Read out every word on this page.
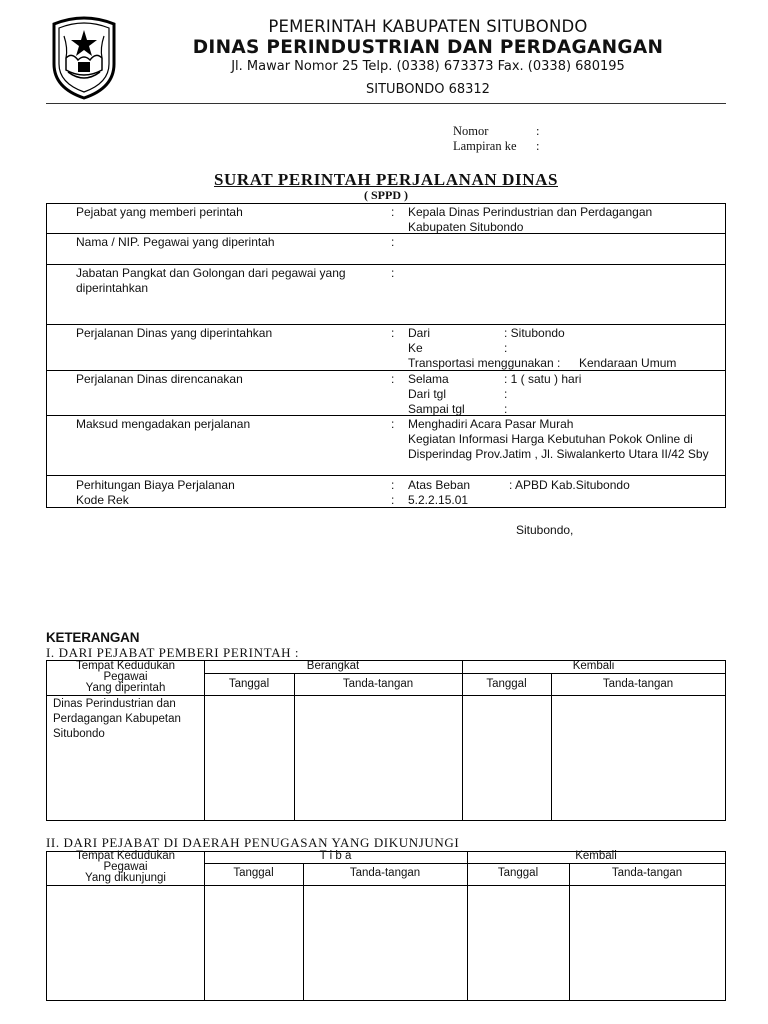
PEMERINTAH KABUPATEN SITUBONDO
DINAS PERINDUSTRIAN DAN PERDAGANGAN
Jl. Mawar Nomor 25 Telp. (0338) 673373 Fax. (0338) 680195
SITUBONDO 68312
Nomor	:
Lampiran ke :
SURAT PERINTAH PERJALANAN DINAS
( SPPD )
Pejabat yang memberi perintah	: Kepala Dinas Perindustrian dan Perdagangan
Kabupaten Situbondo
Nama / NIP. Pegawai yang diperintah	:
Jabatan Pangkat dan Golongan dari pegawai yang
diperintahkan
:
Perjalanan Dinas yang diperintahkan	: Dari	: Situbondo
Ke	:
Transportasi menggunakan : Kendaraan Umum
Perjalanan Dinas direncanakan	: Selama	: 1 ( satu ) hari
Dari tgl	:
Sampai tgl	:
Maksud mengadakan perjalanan	: Menghadiri Acara Pasar Murah
Kegiatan Informasi Harga Kebutuhan Pokok Online di
Disperindag Prov.Jatim , Jl. Siwalankerto Utara II/42 Sby
Perhitungan Biaya Perjalanan	: Atas Beban	: APBD Kab.Situbondo
Kode Rek	: 5.2.2.15.01
Situbondo,
KETERANGAN
I. DARI PEJABAT PEMBERI PERINTAH :
Tempat Kedudukan
Pegawai
Yang diperintah
Berangkat	Kembali
Tanggal	Tanda-tangan	Tanggal	Tanda-tangan
Dinas Perindustrian dan
Perdagangan Kabupetan
Situbondo
II. DARI PEJABAT DI DAERAH PENUGASAN YANG DIKUNJUNGI
Tempat Kedudukan
Pegawai
Yang dikunjungi
T i b a	Kembali
Tanggal	Tanda-tangan	Tanggal	Tanda-tangan
